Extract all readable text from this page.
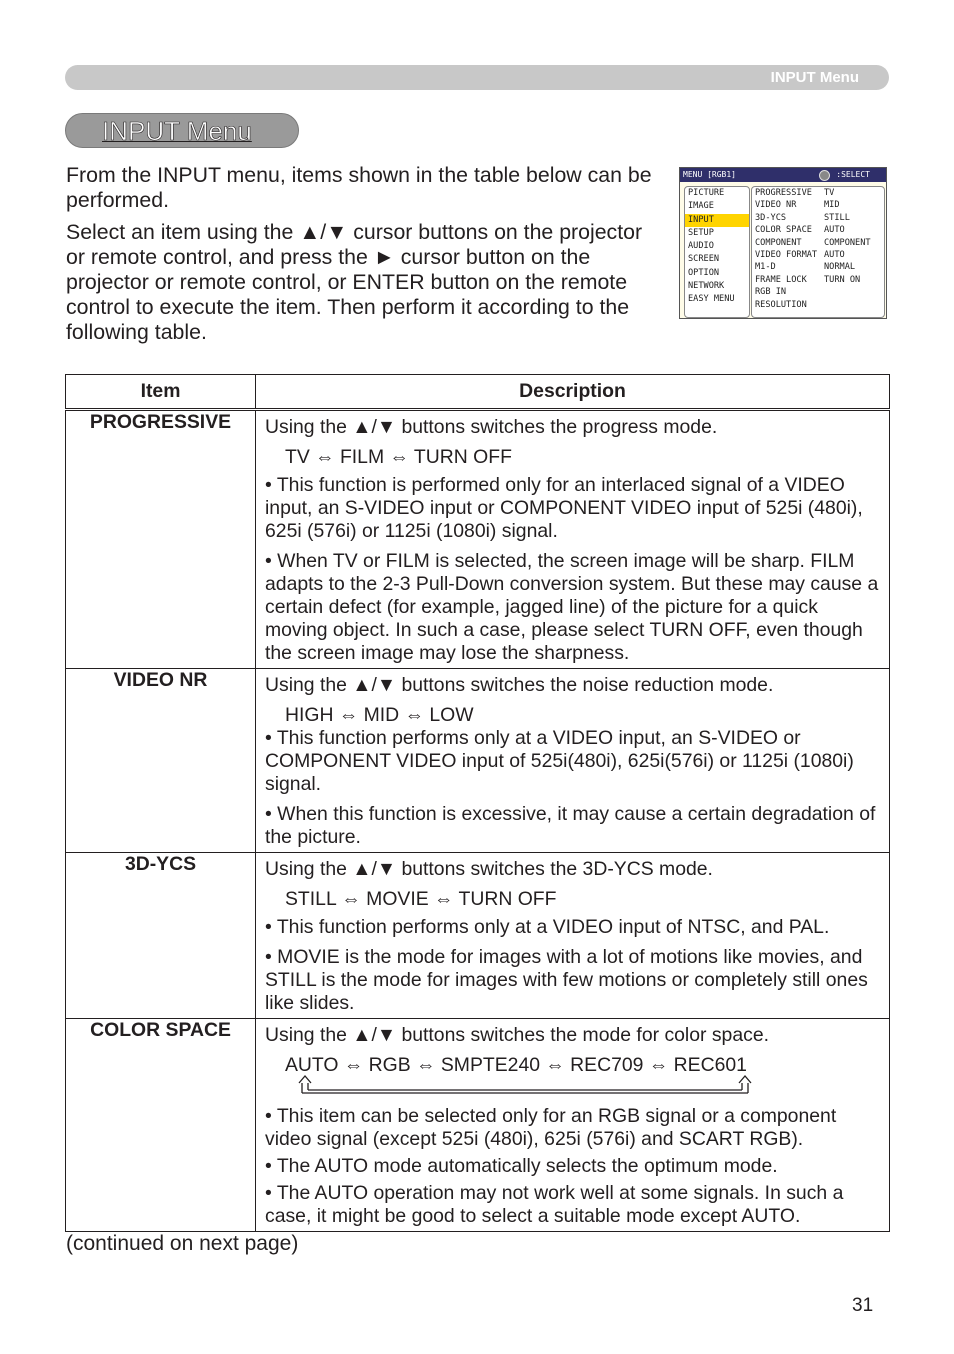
INPUT Menu
INPUT Menu

From the INPUT menu, items shown in the table below can be performed.

Select an item using the ▲/▼ cursor buttons on the projector or remote control, and press the ► cursor button on the projector or remote control, or ENTER button on the remote control to execute the item. Then perform it according to the following table.

MENU [RGB1]	:SELECT
PICTURE
IMAGE
INPUT
SETUP
AUDIO
SCREEN
OPTION
NETWORK
EASY MENU
PROGRESSIVE TV
VIDEO NR	MID
3D-YCS	STILL
COLOR SPACE AUTO
COMPONENT	COMPONENT
VIDEO FORMAT AUTO
M1-D	NORMAL
FRAME LOCK TURN ON
RGB IN
RESOLUTION
Item	Description
PROGRESSIVE	Using the ▲/▼ buttons switches the progress mode.

TV ⇔ FILM ⇔ TURN OFF

• This function is performed only for an interlaced signal of a VIDEO input, an S-VIDEO input or COMPONENT VIDEO input of 525i (480i), 625i (576i) or 1125i (1080i) signal.

• When TV or FILM is selected, the screen image will be sharp. FILM adapts to the 2-3 Pull-Down conversion system. But these may cause a certain defect (for example, jagged line) of the picture for a quick moving object. In such a case, please select TURN OFF, even though the screen image may lose the sharpness.

VIDEO NR	Using the ▲/▼ buttons switches the noise reduction mode.

HIGH ⇔ MID ⇔ LOW

• This function performs only at a VIDEO input, an S-VIDEO or COMPONENT VIDEO input of 525i(480i), 625i(576i) or 1125i (1080i) signal.

• When this function is excessive, it may cause a certain degradation of the picture.

3D-YCS	Using the ▲/▼ buttons switches the 3D-YCS mode.

STILL ⇔ MOVIE ⇔ TURN OFF

• This function performs only at a VIDEO input of NTSC, and PAL.

• MOVIE is the mode for images with a lot of motions like movies, and STILL is the mode for images with few motions or completely still ones like slides.

COLOR SPACE	Using the ▲/▼ buttons switches the mode for color space.

AUTO ⇔ RGB ⇔ SMPTE240 ⇔ REC709 ⇔ REC601

• This item can be selected only for an RGB signal or a component video signal (except 525i (480i), 625i (576i) and SCART RGB).

• The AUTO mode automatically selects the optimum mode.

• The AUTO operation may not work well at some signals. In such a case, it might be good to select a suitable mode except AUTO.

(continued on next page)
31
